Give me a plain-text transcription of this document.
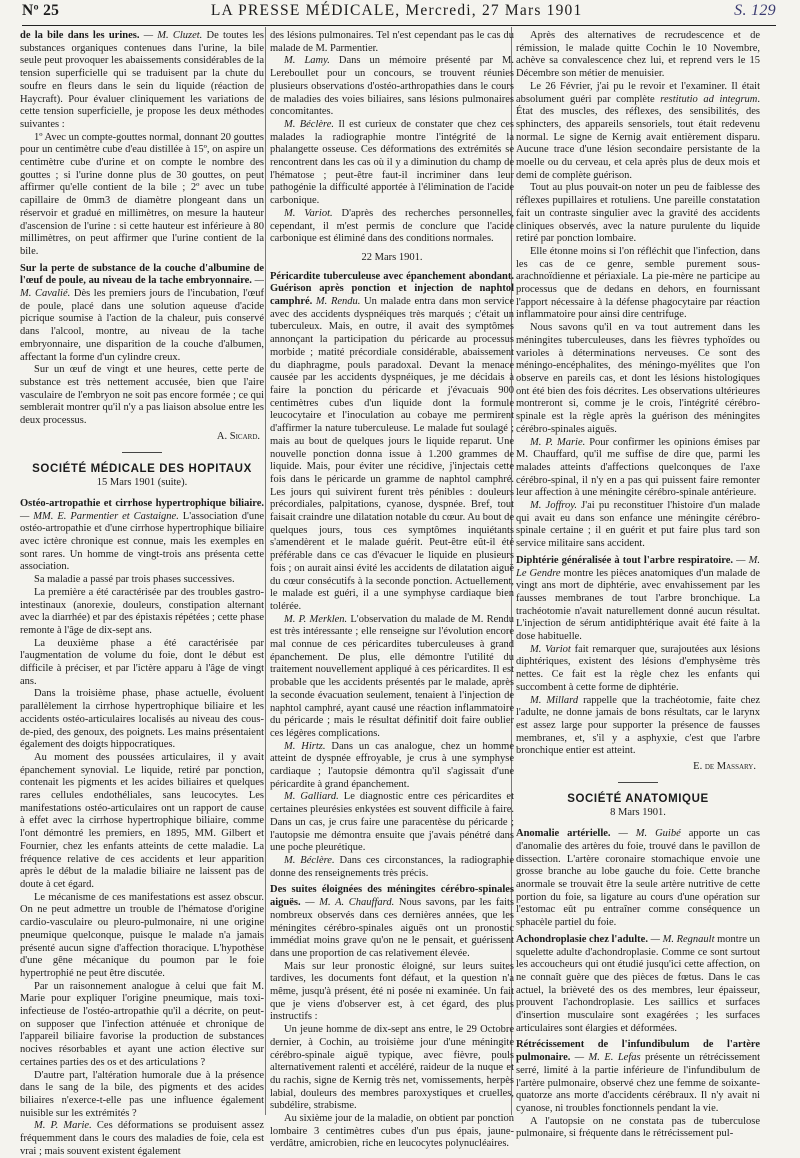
Nº 25	LA PRESSE MÉDICALE, Mercredi, 27 Mars 1901	S. 129

de la bile dans les urines. — M. Cluzet. De toutes les substances organiques contenues dans l'urine, la bile seule peut provoquer les abaissements considérables de la tension superficielle qui se traduisent par la chute du soufre en fleurs dans le sein du liquide (réaction de Haycraft). Pour évaluer cliniquement les variations de cette tension superficielle, je propose les deux méthodes suivantes :

1º Avec un compte-gouttes normal, donnant 20 gouttes pour un centimètre cube d'eau distillée à 15º, on aspire un centimètre cube d'urine et on compte le nombre des gouttes ; si l'urine donne plus de 30 gouttes, on peut affirmer qu'elle contient de la bile ; 2º avec un tube capillaire de 0mm3 de diamètre plongeant dans un réservoir et gradué en millimètres, on mesure la hauteur d'ascension de l'urine : si cette hauteur est inférieure à 80 millimètres, on peut affirmer que l'urine contient de la bile.

Sur la perte de substance de la couche d'albumine de l'œuf de poule, au niveau de la tache embryonnaire. — M. Cavalié. Dès les premiers jours de l'incubation, l'œuf de poule, placé dans une solution aqueuse d'acide picrique soumise à l'action de la chaleur, puis conservé dans l'alcool, montre, au niveau de la tache embryonnaire, une disparition de la couche d'albumen, affectant la forme d'un cylindre creux.

Sur un œuf de vingt et une heures, cette perte de substance est très nettement accusée, bien que l'aire vasculaire de l'embryon ne soit pas encore formée ; ce qui semblerait montrer qu'il n'y a pas liaison absolue entre les deux processus.

A. Sicard.
SOCIÉTÉ MÉDICALE DES HOPITAUX
15 Mars 1901 (suite).

Ostéo-artropathie et cirrhose hypertrophique biliaire. — MM. E. Parmentier et Castaigne. L'association d'une ostéo-artropathie et d'une cirrhose hypertrophique biliaire avec ictère chronique est connue, mais les exemples en sont rares. Un homme de vingt-trois ans présenta cette association.

Sa maladie a passé par trois phases successives.

La première a été caractérisée par des troubles gastro-intestinaux (anorexie, douleurs, constipation alternant avec la diarrhée) et par des épistaxis répétées ; cette phase remonte à l'âge de dix-sept ans.

La deuxième phase a été caractérisée par l'augmentation de volume du foie, dont le début est difficile à préciser, et par l'ictère apparu à l'âge de vingt ans.

Dans la troisième phase, phase actuelle, évoluent parallèlement la cirrhose hypertrophique biliaire et les accidents ostéo-articulaires localisés au niveau des cous-de-pied, des genoux, des poignets. Les mains présentaient également des doigts hippocratiques.

Au moment des poussées articulaires, il y avait épanchement synovial. Le liquide, retiré par ponction, contenait les pigments et les acides biliaires et quelques rares cellules endothéliales, sans leucocytes. Les manifestations ostéo-articulaires ont un rapport de cause à effet avec la cirrhose hypertrophique biliaire, comme l'ont démontré les premiers, en 1895, MM. Gilbert et Fournier, chez les enfants atteints de cette maladie. La fréquence relative de ces accidents et leur apparition après le début de la maladie biliaire ne laissent pas de doute à cet égard.

Le mécanisme de ces manifestations est assez obscur. On ne peut admettre un trouble de l'hématose d'origine cardio-vasculaire ou pleuro-pulmonaire, ni une origine pneumique quelconque, puisque le malade n'a jamais présenté aucun signe d'affection thoracique. L'hypothèse d'une gêne mécanique du poumon par le foie hypertrophié ne peut être discutée.

Par un raisonnement analogue à celui que fait M. Marie pour expliquer l'origine pneumique, mais toxi-infectieuse de l'ostéo-artropathie qu'il a décrite, on peut-on supposer que l'infection atténuée et chronique de l'appareil biliaire favorise la production de substances nocives résorbables et ayant une action élective sur certaines parties des os et des articulations ?

D'autre part, l'altération humorale due à la présence dans le sang de la bile, des pigments et des acides biliaires n'exerce-t-elle pas une influence également nuisible sur les extrémités ?

M. P. Marie. Ces déformations se produisent assez fréquemment dans le cours des maladies de foie, cela est vrai ; mais souvent existent également

des lésions pulmonaires. Tel n'est cependant pas le cas du malade de M. Parmentier.

M. Lamy. Dans un mémoire présenté par M. Lereboullet pour un concours, se trouvent réunies plusieurs observations d'ostéo-arthropathies dans le cours de maladies des voies biliaires, sans lésions pulmonaires concomitantes.

M. Béclère. Il est curieux de constater que chez ces malades la radiographie montre l'intégrité de la phalangette osseuse. Ces déformations des extrémités se rencontrent dans les cas où il y a diminution du champ de l'hématose ; peut-être faut-il incriminer dans leur pathogénie la difficulté apportée à l'élimination de l'acide carbonique.

M. Variot. D'après des recherches personnelles, cependant, il m'est permis de conclure que l'acide carbonique est éliminé dans des conditions normales.

22 Mars 1901.

Péricardite tuberculeuse avec épanchement abondant. Guérison après ponction et injection de naphtol camphré. M. Rendu. Un malade entra dans mon service avec des accidents dyspnéiques très marqués ; c'était un tuberculeux. Mais, en outre, il avait des symptômes annonçant la participation du péricarde au processus morbide ; matité précordiale considérable, abaissement du diaphragme, pouls paradoxal. Devant la menace causée par les accidents dyspnéiques, je me décidais à faire la ponction du péricarde et j'évacuais 900 centimètres cubes d'un liquide dont la formule leucocytaire et l'inoculation au cobaye me permirent d'affirmer la nature tuberculeuse. Le malade fut soulagé ; mais au bout de quelques jours le liquide reparut. Une nouvelle ponction donna issue à 1.200 grammes de liquide. Mais, pour éviter une récidive, j'injectais cette fois dans le péricarde un gramme de naphtol camphré. Les jours qui suivirent furent très pénibles : douleurs précordiales, palpitations, cyanose, dyspnée. Bref, tout faisait craindre une dilatation notable du cœur. Au bout de quelques jours, tous ces symptômes inquiétants s'amendèrent et le malade guérit. Peut-être eût-il été préférable dans ce cas d'évacuer le liquide en plusieurs fois ; on aurait ainsi évité les accidents de dilatation aiguë du cœur consécutifs à la seconde ponction. Actuellement, le malade est guéri, il a une symphyse cardiaque bien tolérée.

M. P. Merklen. L'observation du malade de M. Rendu est très intéressante ; elle renseigne sur l'évolution encore mal connue de ces péricardites tuberculeuses à grand épanchement. De plus, elle démontre l'utilité du traitement nouvellement appliqué à ces péricardites. Il est probable que les accidents présentés par le malade, après la seconde évacuation seulement, tenaient à l'injection de naphtol camphré, ayant causé une réaction inflammatoire du péricarde ; mais le résultat définitif doit faire oublier ces légères complications.

M. Hirtz. Dans un cas analogue, chez un homme atteint de dyspnée effroyable, je crus à une symphyse cardiaque ; l'autopsie démontra qu'il s'agissait d'une péricardite à grand épanchement.

M. Galliard. Le diagnostic entre ces péricardites et certaines pleurésies enkystées est souvent difficile à faire. Dans un cas, je crus faire une paracentèse du péricarde ; l'autopsie me démontra ensuite que j'avais pénétré dans une poche pleurétique.

M. Béclère. Dans ces circonstances, la radiographie donne des renseignements très précis.

Des suites éloignées des méningites cérébro-spinales aiguës. — M. A. Chauffard. Nous savons, par les faits nombreux observés dans ces dernières années, que les méningites cérébro-spinales aiguës ont un pronostic immédiat moins grave qu'on ne le pensait, et guérissent dans une proportion de cas relativement élevée.

Mais sur leur pronostic éloigné, sur leurs suites tardives, les documents font défaut, et la question n'a même, jusqu'à présent, été ni posée ni examinée. Un fait que je viens d'observer est, à cet égard, des plus instructifs :

Un jeune homme de dix-sept ans entre, le 29 Octobre dernier, à Cochin, au troisième jour d'une méningite cérébro-spinale aiguë typique, avec fièvre, pouls alternativement ralenti et accéléré, raideur de la nuque et du rachis, signe de Kernig très net, vomissements, herpès labial, douleurs des membres paroxystiques et cruelles, subdélire, strabisme.

Au sixième jour de la maladie, on obtient par ponction lombaire 3 centimètres cubes d'un pus épais, jaune-verdâtre, amicrobien, riche en leucocytes polynucléaires.

Après des alternatives de recrudescence et de rémission, le malade quitte Cochin le 10 Novembre, achève sa convalescence chez lui, et reprend vers le 15 Décembre son métier de menuisier.

Le 26 Février, j'ai pu le revoir et l'examiner. Il était absolument guéri par complète restitutio ad integrum. État des muscles, des réflexes, des sensibilités, des sphincters, des appareils sensoriels, tout était redevenu normal. Le signe de Kernig avait entièrement disparu. Aucune trace d'une lésion secondaire persistante de la moelle ou du cerveau, et cela après plus de deux mois et demi de complète guérison.

Tout au plus pouvait-on noter un peu de faiblesse des réflexes pupillaires et rotuliens. Une pareille constatation fait un contraste singulier avec la gravité des accidents cliniques observés, avec la nature purulente du liquide retiré par ponction lombaire.

Elle étonne moins si l'on réfléchit que l'infection, dans les cas de ce genre, semble purement sous-arachnoïdienne et périaxiale. La pie-mère ne participe au processus que de dedans en dehors, en fournissant l'apport nécessaire à la défense phagocytaire par réaction inflammatoire pour ainsi dire centrifuge.

Nous savons qu'il en va tout autrement dans les méningites tuberculeuses, dans les fièvres typhoïdes ou varioles à déterminations nerveuses. Ce sont des méningo-encéphalites, des méningo-myélites que l'on observe en pareils cas, et dont les lésions histologiques ont été bien des fois décrites. Les observations ultérieures montreront si, comme je le crois, l'intégrité cérébro-spinale est la règle après la guérison des méningites cérébro-spinales aiguës.

M. P. Marie. Pour confirmer les opinions émises par M. Chauffard, qu'il me suffise de dire que, parmi les malades atteints d'affections quelconques de l'axe cérébro-spinal, il n'y en a pas qui puissent faire remonter leur affection à une méningite cérébro-spinale antérieure.

M. Joffroy. J'ai pu reconstituer l'histoire d'un malade qui avait eu dans son enfance une méningite cérébro-spinale certaine ; il en guérit et put faire plus tard son service militaire sans accident.

Diphtérie généralisée à tout l'arbre respiratoire. — M. Le Gendre montre les pièces anatomiques d'un malade de vingt ans mort de diphtérie, avec envahissement par les fausses membranes de tout l'arbre bronchique. La trachéotomie n'avait naturellement donné aucun résultat. L'injection de sérum antidiphtérique avait été faite à la dose habituelle.

M. Variot fait remarquer que, surajoutées aux lésions diphtériques, existent des lésions d'emphysème très nettes. Ce fait est la règle chez les enfants qui succombent à cette forme de diphtérie.

M. Millard rappelle que la trachéotomie, faite chez l'adulte, ne donne jamais de bons résultats, car le larynx est assez large pour supporter la présence de fausses membranes, et, s'il y a asphyxie, c'est que l'arbre bronchique entier est atteint.

E. de Massary.
SOCIÉTÉ ANATOMIQUE
8 Mars 1901.

Anomalie artérielle. — M. Guibé apporte un cas d'anomalie des artères du foie, trouvé dans le pavillon de dissection. L'artère coronaire stomachique envoie une grosse branche au lobe gauche du foie. Cette branche anormale se trouvait être la seule artère nutritive de cette portion du foie, sa ligature au cours d'une opération sur l'estomac eût pu entraîner comme conséquence un sphacèle partiel du foie.

Achondroplasie chez l'adulte. — M. Regnault montre un squelette adulte d'achondroplasie. Comme ce sont surtout les accoucheurs qui ont étudié jusqu'ici cette affection, on ne connaît guère que des pièces de fœtus. Dans le cas actuel, la brièveté des os des membres, leur épaisseur, prouvent l'achondroplasie. Les saillics et surfaces d'insertion musculaire sont exagérées ; les surfaces articulaires sont élargies et déformées.

Rétrécissement de l'infundibulum de l'artère pulmonaire. — M. E. Lefas présente un rétrécissement serré, limité à la partie inférieure de l'infundibulum de l'artère pulmonaire, observé chez une femme de soixante-quatorze ans morte d'accidents cérébraux. Il n'y avait ni cyanose, ni troubles fonctionnels pendant la vie.

A l'autopsie on ne constata pas de tuberculose pulmonaire, si fréquente dans le rétrécissement pul-
